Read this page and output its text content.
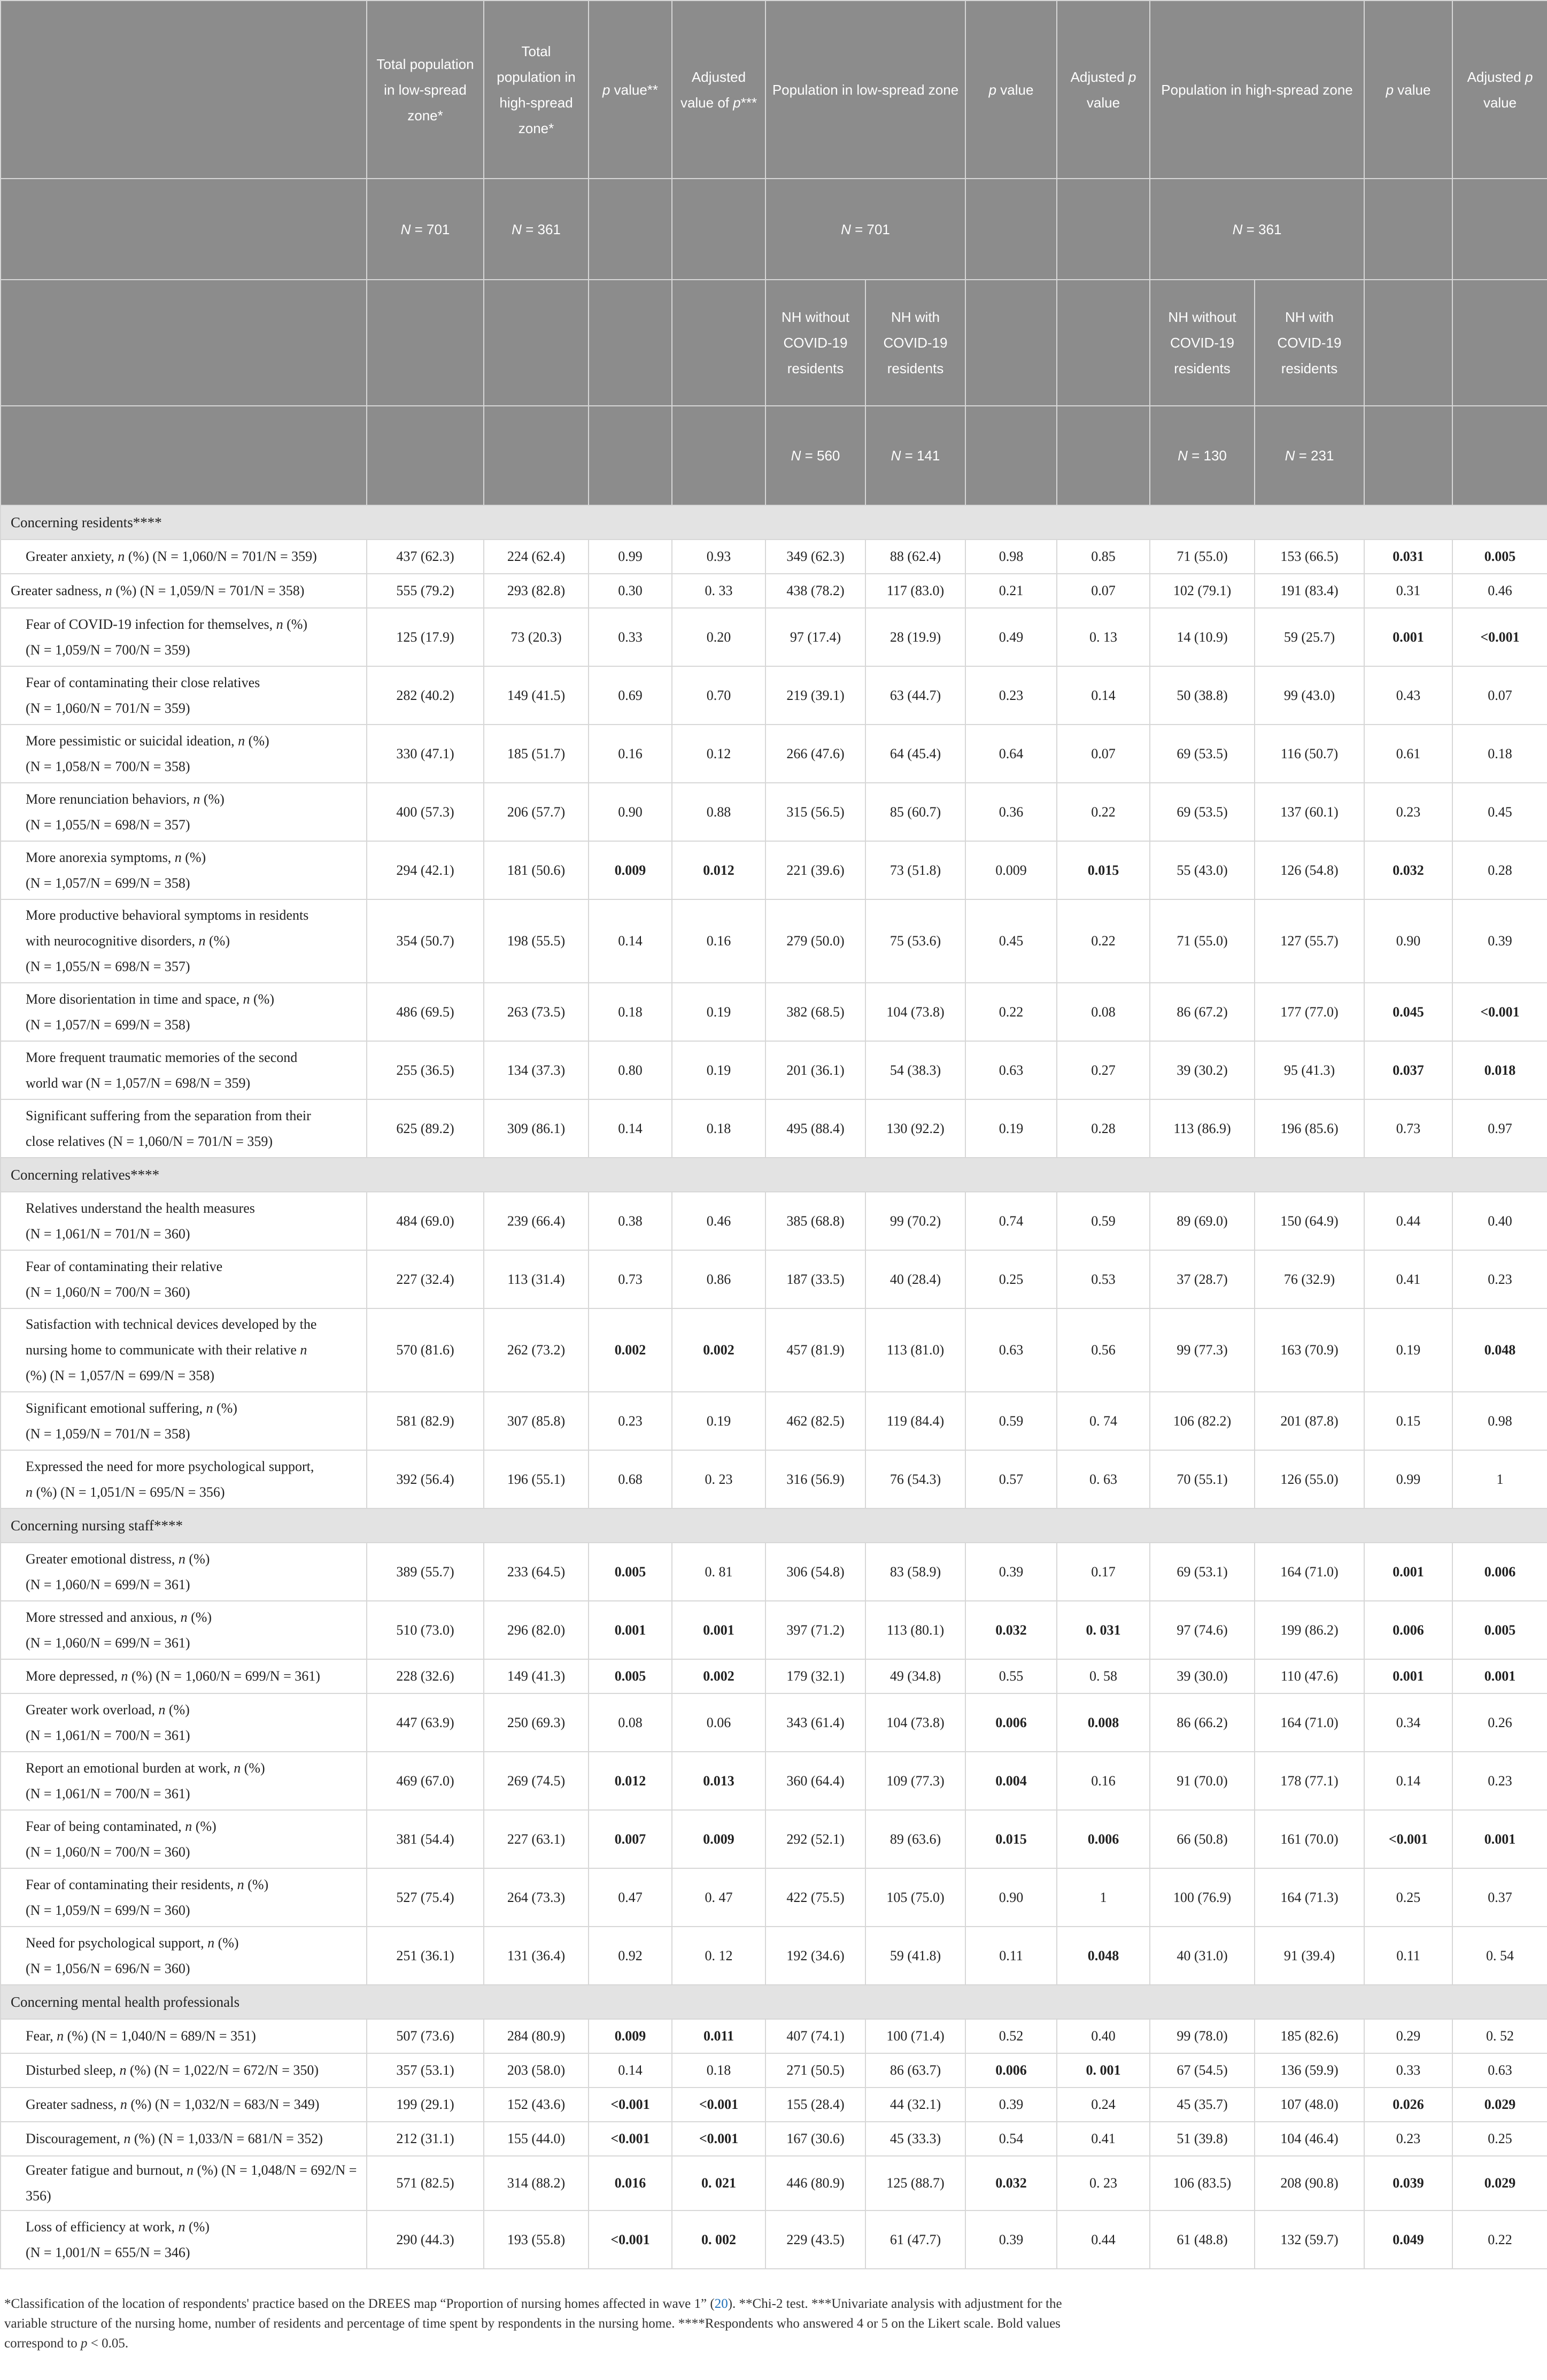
	Total population in low-spread zone*	Total population in high-spread zone*	p value**	Adjusted value of p***	Population in low-spread zone		p value	Adjusted p value	Population in high-spread zone		p value	Adjusted p value	
	N = 701	N = 361			N = 701				N = 361				
					NH without COVID-19 residents	NH with COVID-19 residents			NH without COVID-19 residents	NH with COVID-19 residents			
					N = 560	N = 141			N = 130	N = 231			
Concerning residents****													

Greater anxiety, n (%) (N = 1,060/N = 701/N = 359)	437 (62.3)	224 (62.4)	0.99	0.93	349 (62.3)	88 (62.4)	0.98	0.85	71 (55.0)	153 (66.5)	0.031	0.005	

Greater sadness, n (%) (N = 1,059/N = 701/N = 358)	555 (79.2)	293 (82.8)	0.30	0. 33	438 (78.2)	117 (83.0)	0.21	0.07	102 (79.1)	191 (83.4)	0.31	0.46	

Fear of COVID-19 infection for themselves, n (%)
(N = 1,059/N = 700/N = 359)	125 (17.9)	73 (20.3)	0.33	0.20	97 (17.4)	28 (19.9)	0.49	0. 13	14 (10.9)	59 (25.7)	0.001	<0.001	

Fear of contaminating their close relatives
(N = 1,060/N = 701/N = 359)	282 (40.2)	149 (41.5)	0.69	0.70	219 (39.1)	63 (44.7)	0.23	0.14	50 (38.8)	99 (43.0)	0.43	0.07	

More pessimistic or suicidal ideation, n (%)
(N = 1,058/N = 700/N = 358)	330 (47.1)	185 (51.7)	0.16	0.12	266 (47.6)	64 (45.4)	0.64	0.07	69 (53.5)	116 (50.7)	0.61	0.18	

More renunciation behaviors, n (%)
(N = 1,055/N = 698/N = 357)	400 (57.3)	206 (57.7)	0.90	0.88	315 (56.5)	85 (60.7)	0.36	0.22	69 (53.5)	137 (60.1)	0.23	0.45	

More anorexia symptoms, n (%)
(N = 1,057/N = 699/N = 358)	294 (42.1)	181 (50.6)	0.009	0.012	221 (39.6)	73 (51.8)	0.009	0.015	55 (43.0)	126 (54.8)	0.032	0.28	

More productive behavioral symptoms in residents
with neurocognitive disorders, n (%)
(N = 1,055/N = 698/N = 357)	354 (50.7)	198 (55.5)	0.14	0.16	279 (50.0)	75 (53.6)	0.45	0.22	71 (55.0)	127 (55.7)	0.90	0.39	

More disorientation in time and space, n (%)
(N = 1,057/N = 699/N = 358)	486 (69.5)	263 (73.5)	0.18	0.19	382 (68.5)	104 (73.8)	0.22	0.08	86 (67.2)	177 (77.0)	0.045	<0.001	

More frequent traumatic memories of the second
world war (N = 1,057/N = 698/N = 359)	255 (36.5)	134 (37.3)	0.80	0.19	201 (36.1)	54 (38.3)	0.63	0.27	39 (30.2)	95 (41.3)	0.037	0.018	

Significant suffering from the separation from their
close relatives (N = 1,060/N = 701/N = 359)	625 (89.2)	309 (86.1)	0.14	0.18	495 (88.4)	130 (92.2)	0.19	0.28	113 (86.9)	196 (85.6)	0.73	0.97	
Concerning relatives****													

Relatives understand the health measures
(N = 1,061/N = 701/N = 360)	484 (69.0)	239 (66.4)	0.38	0.46	385 (68.8)	99 (70.2)	0.74	0.59	89 (69.0)	150 (64.9)	0.44	0.40	

Fear of contaminating their relative
(N = 1,060/N = 700/N = 360)	227 (32.4)	113 (31.4)	0.73	0.86	187 (33.5)	40 (28.4)	0.25	0.53	37 (28.7)	76 (32.9)	0.41	0.23	

Satisfaction with technical devices developed by the
nursing home to communicate with their relative n
(%) (N = 1,057/N = 699/N = 358)	570 (81.6)	262 (73.2)	0.002	0.002	457 (81.9)	113 (81.0)	0.63	0.56	99 (77.3)	163 (70.9)	0.19	0.048	

Significant emotional suffering, n (%)
(N = 1,059/N = 701/N = 358)	581 (82.9)	307 (85.8)	0.23	0.19	462 (82.5)	119 (84.4)	0.59	0. 74	106 (82.2)	201 (87.8)	0.15	0.98	

Expressed the need for more psychological support,
n (%) (N = 1,051/N = 695/N = 356)	392 (56.4)	196 (55.1)	0.68	0. 23	316 (56.9)	76 (54.3)	0.57	0. 63	70 (55.1)	126 (55.0)	0.99	1	
Concerning nursing staff****													

Greater emotional distress, n (%)
(N = 1,060/N = 699/N = 361)	389 (55.7)	233 (64.5)	0.005	0. 81	306 (54.8)	83 (58.9)	0.39	0.17	69 (53.1)	164 (71.0)	0.001	0.006	

More stressed and anxious, n (%)
(N = 1,060/N = 699/N = 361)	510 (73.0)	296 (82.0)	0.001	0.001	397 (71.2)	113 (80.1)	0.032	0. 031	97 (74.6)	199 (86.2)	0.006	0.005	

More depressed, n (%) (N = 1,060/N = 699/N = 361)	228 (32.6)	149 (41.3)	0.005	0.002	179 (32.1)	49 (34.8)	0.55	0. 58	39 (30.0)	110 (47.6)	0.001	0.001	

Greater work overload, n (%)
(N = 1,061/N = 700/N = 361)	447 (63.9)	250 (69.3)	0.08	0.06	343 (61.4)	104 (73.8)	0.006	0.008	86 (66.2)	164 (71.0)	0.34	0.26	

Report an emotional burden at work, n (%)
(N = 1,061/N = 700/N = 361)	469 (67.0)	269 (74.5)	0.012	0.013	360 (64.4)	109 (77.3)	0.004	0.16	91 (70.0)	178 (77.1)	0.14	0.23	

Fear of being contaminated, n (%)
(N = 1,060/N = 700/N = 360)	381 (54.4)	227 (63.1)	0.007	0.009	292 (52.1)	89 (63.6)	0.015	0.006	66 (50.8)	161 (70.0)	<0.001	0.001	

Fear of contaminating their residents, n (%)
(N = 1,059/N = 699/N = 360)	527 (75.4)	264 (73.3)	0.47	0. 47	422 (75.5)	105 (75.0)	0.90	1	100 (76.9)	164 (71.3)	0.25	0.37	

Need for psychological support, n (%)
(N = 1,056/N = 696/N = 360)	251 (36.1)	131 (36.4)	0.92	0. 12	192 (34.6)	59 (41.8)	0.11	0.048	40 (31.0)	91 (39.4)	0.11	0. 54	
Concerning mental health professionals													

Fear, n (%) (N = 1,040/N = 689/N = 351)	507 (73.6)	284 (80.9)	0.009	0.011	407 (74.1)	100 (71.4)	0.52	0.40	99 (78.0)	185 (82.6)	0.29	0. 52	

Disturbed sleep, n (%) (N = 1,022/N = 672/N = 350)	357 (53.1)	203 (58.0)	0.14	0.18	271 (50.5)	86 (63.7)	0.006	0. 001	67 (54.5)	136 (59.9)	0.33	0.63	

Greater sadness, n (%) (N = 1,032/N = 683/N = 349)	199 (29.1)	152 (43.6)	<0.001	<0.001	155 (28.4)	44 (32.1)	0.39	0.24	45 (35.7)	107 (48.0)	0.026	0.029	

Discouragement, n (%) (N = 1,033/N = 681/N = 352)	212 (31.1)	155 (44.0)	<0.001	<0.001	167 (30.6)	45 (33.3)	0.54	0.41	51 (39.8)	104 (46.4)	0.23	0.25	

Greater fatigue and burnout, n (%) (N = 1,048/N = 692/N = 356)	571 (82.5)	314 (88.2)	0.016	0. 021	446 (80.9)	125 (88.7)	0.032	0. 23	106 (83.5)	208 (90.8)	0.039	0.029	

Loss of efficiency at work, n (%)
(N = 1,001/N = 655/N = 346)	290 (44.3)	193 (55.8)	<0.001	0. 002	229 (43.5)	61 (47.7)	0.39	0.44	61 (48.8)	132 (59.7)	0.049	0.22	
*Classification of the location of respondents' practice based on the DREES map “Proportion of nursing homes affected in wave 1” (20). **Chi-2 test. ***Univariate analysis with adjustment for the variable structure of the nursing home, number of residents and percentage of time spent by respondents in the nursing home. ****Respondents who answered 4 or 5 on the Likert scale. Bold values correspond to p < 0.05.
